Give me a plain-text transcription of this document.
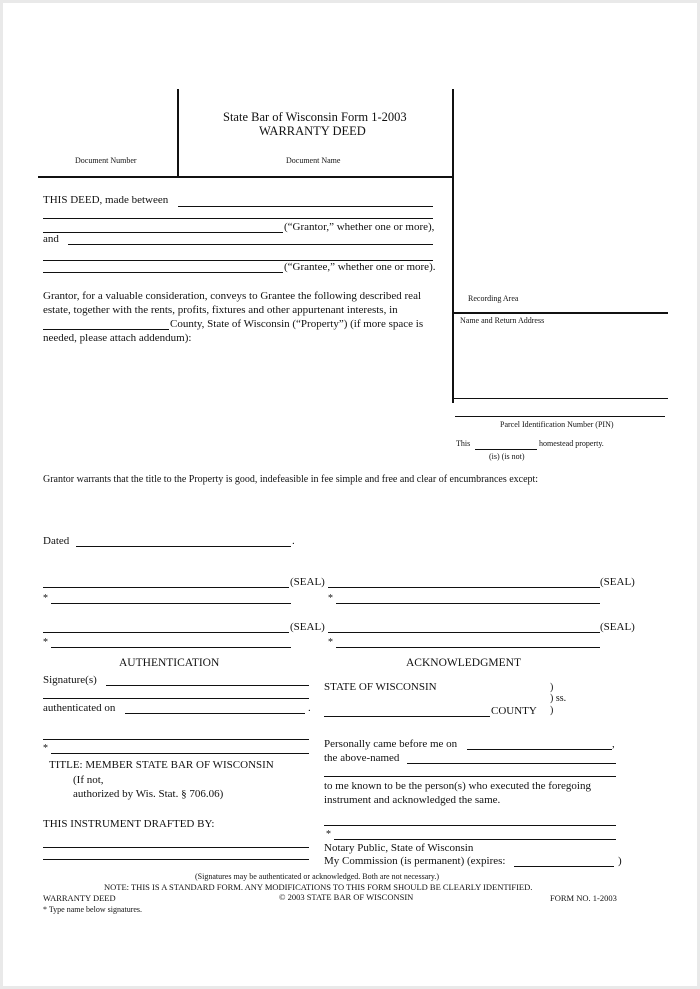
State Bar of Wisconsin Form 1-2003
WARRANTY DEED
Document Number	Document Name
Recording Area
Name and Return Address
Parcel Identification Number (PIN)
This	homestead property.
(is) (is not)
THIS DEED, made between
(“Grantor,” whether one or more),
and
(“Grantee,” whether one or more).
Grantor, for a valuable consideration, conveys to Grantee the following described real
estate, together with the rents, profits, fixtures and other appurtenant interests, in
County, State of Wisconsin (“Property”) (if more space is
needed, please attach addendum):
Grantor warrants that the title to the Property is good, indefeasible in fee simple and free and clear of encumbrances except:
Dated	.
(SEAL)	(SEAL)
*	*
(SEAL)	(SEAL)
*	*
AUTHENTICATION
Signature(s)
authenticated on	.
*
TITLE: MEMBER STATE BAR OF WISCONSIN
(If not,
authorized by Wis. Stat. § 706.06)
THIS INSTRUMENT DRAFTED BY:
ACKNOWLEDGMENT
STATE OF WISCONSIN	)
) ss.
COUNTY )
Personally came before me on	,
the above-named
to me known to be the person(s) who executed the foregoing
instrument and acknowledged the same.
*
Notary Public, State of Wisconsin
My Commission (is permanent) (expires:	)
(Signatures may be authenticated or acknowledged. Both are not necessary.)
NOTE: THIS IS A STANDARD FORM. ANY MODIFICATIONS TO THIS FORM SHOULD BE CLEARLY IDENTIFIED.
WARRANTY DEED	© 2003 STATE BAR OF WISCONSIN	FORM NO. 1-2003
* Type name below signatures.
